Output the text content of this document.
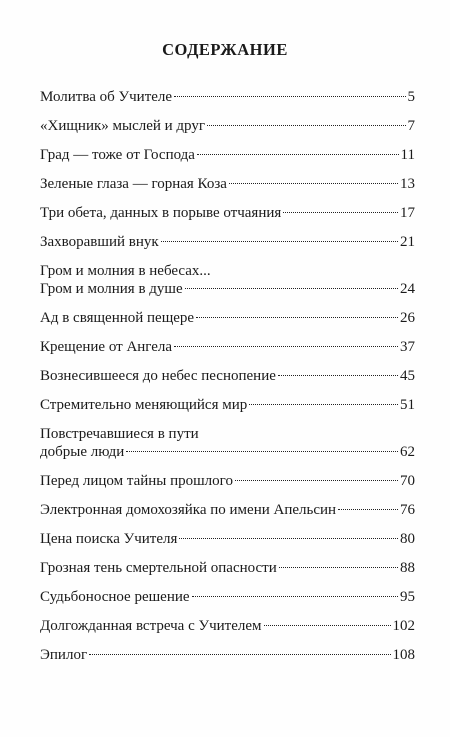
СОДЕРЖАНИЕ
Молитва об Учителе	5
«Хищник» мыслей и друг	7
Град — тоже от Господа	11
Зеленые глаза — горная Коза	13
Три обета, данных в порыве отчаяния	17
Захворавший внук	21
Гром и молния в небесах...
Гром и молния в душе	24
Ад в священной пещере	26
Крещение от Ангела	37
Вознесившееся до небес песнопение	45
Стремительно меняющийся мир	51
Повстречавшиеся в пути
добрые люди	62
Перед лицом тайны прошлого	70
Электронная домохозяйка по имени Апельсин	76
Цена поиска Учителя	80
Грозная тень смертельной опасности	88
Судьбоносное решение	95
Долгожданная встреча с Учителем	102
Эпилог	108
